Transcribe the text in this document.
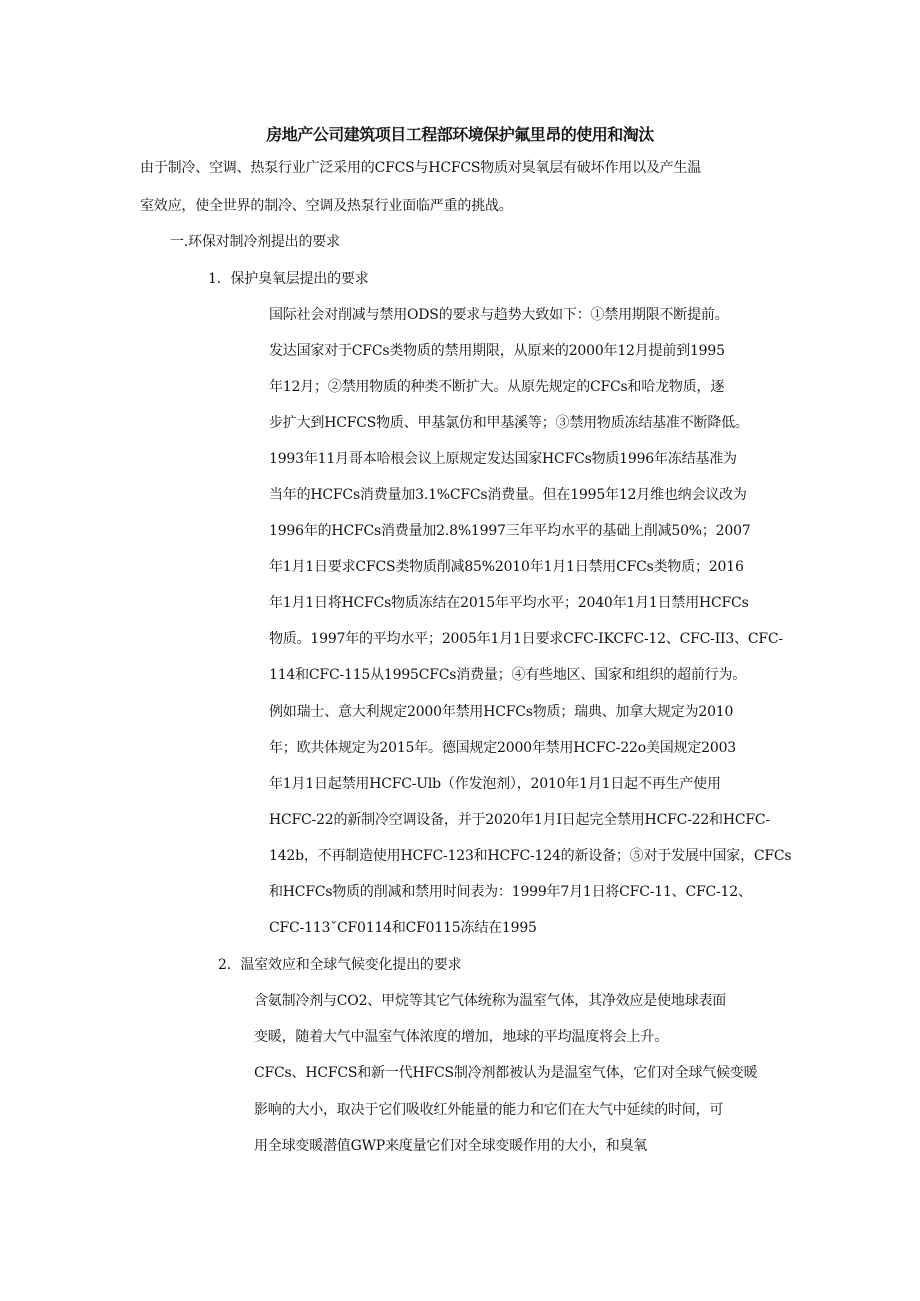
房地产公司建筑项目工程部环境保护氟里昂的使用和淘汰
由于制冷、空调、热泵行业广泛采用的CFCS与HCFCS物质对臭氧层有破坏作用以及产生温
室效应，使全世界的制冷、空调及热泵行业面临严重的挑战。
一.环保对制冷剂提出的要求
1．保护臭氧层提出的要求
国际社会对削减与禁用ODS的要求与趋势大致如下：①禁用期限不断提前。
发达国家对于CFCs类物质的禁用期限，从原来的2000年12月提前到1995
年12月；②禁用物质的种类不断扩大。从原先规定的CFCs和哈龙物质，逐
步扩大到HCFCS物质、甲基氯仿和甲基溪等；③禁用物质冻结基准不断降低。
1993年11月哥本哈根会议上原规定发达国家HCFCs物质1996年冻结基准为
当年的HCFCs消费量加3.1%CFCs消费量。但在1995年12月维也纳会议改为
1996年的HCFCs消费量加2.8%1997三年平均水平的基础上削减50%；2007
年1月1日要求CFCS类物质削减85%2010年1月1日禁用CFCs类物质；2016
年1月1日将HCFCs物质冻结在2015年平均水平；2040年1月1日禁用HCFCs
物质。1997年的平均水平；2005年1月1日要求CFC-IKCFC-12、CFC-II3、CFC-
114和CFC-115从1995CFCs消费量；④有些地区、国家和组织的超前行为。
例如瑞士、意大利规定2000年禁用HCFCs物质；瑞典、加拿大规定为2010
年；欧共体规定为2015年。德国规定2000年禁用HCFC-22o美国规定2003
年1月1日起禁用HCFC-Ulb（作发泡剂），2010年1月1日起不再生产使用
HCFC-22的新制冷空调设备，并于2020年1月I日起完全禁用HCFC-22和HCFC-
142b，不再制造使用HCFC-123和HCFC-124的新设备；⑤对于发展中国家，CFCs
和HCFCs物质的削减和禁用时间表为：1999年7月1日将CFC-11、CFC-12、
CFC-113ˇCF0114和CF0115冻结在1995
2．温室效应和全球气候变化提出的要求
含氨制冷剂与CO2、甲烷等其它气体统称为温室气体，其净效应是使地球表面
变暖，随着大气中温室气体浓度的增加，地球的平均温度将会上升。
CFCs、HCFCS和新一代HFCS制冷剂都被认为是温室气体，它们对全球气候变暖
影响的大小，取决于它们吸收红外能量的能力和它们在大气中延续的时间，可
用全球变暖潜值GWP来度量它们对全球变暖作用的大小，和臭氧
